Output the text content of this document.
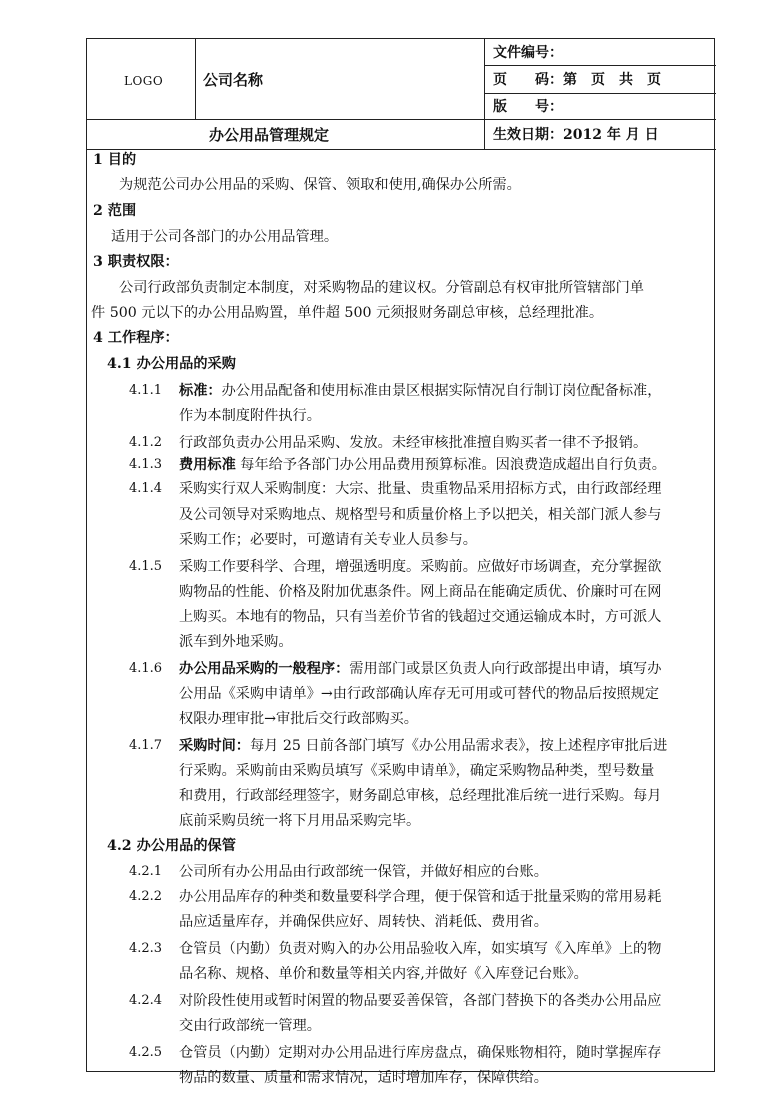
LOGO	公司名称
文件编号：
页　　码：第　页　共　页
版　　号：
办公用品管理规定	生效日期：2012 年 月 日
1 目的
为规范公司办公用品的采购、保管、领取和使用,确保办公所需。
2 范围
适用于公司各部门的办公用品管理。
3 职责权限：
公司行政部负责制定本制度，对采购物品的建议权。分管副总有权审批所管辖部门单
件 500 元以下的办公用品购置，单件超 500 元须报财务副总审核，总经理批准。
4 工作程序：
4.1 办公用品的采购
4.1.1 标准：办公用品配备和使用标准由景区根据实际情况自行制订岗位配备标准，
作为本制度附件执行。
4.1.2 行政部负责办公用品采购、发放。未经审核批准擅自购买者一律不予报销。
4.1.3 费用标准 每年给予各部门办公用品费用预算标准。因浪费造成超出自行负责。
4.1.4 采购实行双人采购制度：大宗、批量、贵重物品采用招标方式，由行政部经理
及公司领导对采购地点、规格型号和质量价格上予以把关，相关部门派人参与
采购工作；必要时，可邀请有关专业人员参与。
4.1.5 采购工作要科学、合理，增强透明度。采购前。应做好市场调查，充分掌握欲
购物品的性能、价格及附加优惠条件。网上商品在能确定质优、价廉时可在网
上购买。本地有的物品，只有当差价节省的钱超过交通运输成本时，方可派人
派车到外地采购。
4.1.6 办公用品采购的一般程序：需用部门或景区负责人向行政部提出申请，填写办
公用品《采购申请单》→由行政部确认库存无可用或可替代的物品后按照规定
权限办理审批→审批后交行政部购买。
4.1.7 采购时间：每月 25 日前各部门填写《办公用品需求表》，按上述程序审批后进
行采购。采购前由采购员填写《采购申请单》，确定采购物品种类，型号数量
和费用，行政部经理签字，财务副总审核，总经理批准后统一进行采购。每月
底前采购员统一将下月用品采购完毕。
4.2 办公用品的保管
4.2.1 公司所有办公用品由行政部统一保管，并做好相应的台账。
4.2.2 办公用品库存的种类和数量要科学合理，便于保管和适于批量采购的常用易耗
品应适量库存，并确保供应好、周转快、消耗低、费用省。
4.2.3 仓管员（内勤）负责对购入的办公用品验收入库，如实填写《入库单》上的物
品名称、规格、单价和数量等相关内容,并做好《入库登记台账》。
4.2.4 对阶段性使用或暂时闲置的物品要妥善保管，各部门替换下的各类办公用品应
交由行政部统一管理。
4.2.5 仓管员（内勤）定期对办公用品进行库房盘点，确保账物相符，随时掌握库存
物品的数量、质量和需求情况，适时增加库存，保障供给。
